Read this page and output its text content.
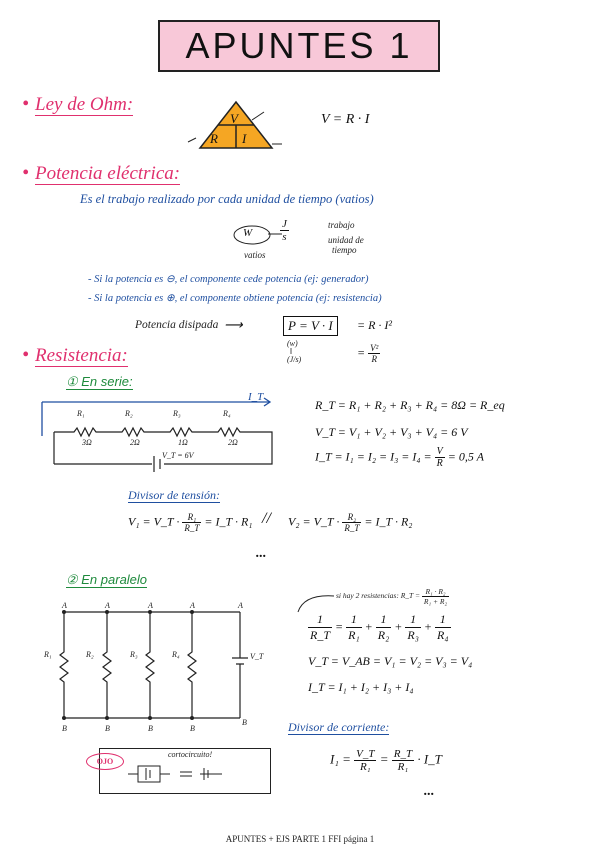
APUNTES 1
• Ley de Ohm:
V
R I
V = R · I
• Potencia eléctrica:
Es el trabajo realizado por cada unidad de tiempo (vatios)
W	$\frac{J}{s}$	trabajo
unidad de
tiempo
vatios
- Si la potencia es ⊖, el componente cede potencia (ej: generador)
- Si la potencia es ⊕, el componente obtiene potencia (ej: resistencia)
Potencia disipada ⟶	P = V · I	= R · I²
(w)
‖
(J/s)
= $\frac{\text{V²}}{R}$
• Resistencia:
① En serie:
I_T
R₁	R₂	R₃	R₄
3Ω	2Ω	1Ω	2Ω
V_T = 6V
R_T = R₁ + R₂ + R₃ + R₄ = 8Ω = R_eq
V_T = V₁ + V₂ + V₃ + V₄ = 6 V
I_T = $I_1 = I_2 = I_3 = I_4 = \frac{V}{R} = 0,5$ A
Divisor de tensión:
V₁ = V_T · $\frac{\text{R₁}}{R\_T}$ = I_T · R₁ // V₂ = V_T · $\frac{\text{R₂}}{R\_T}$ = I_T · R₂
...
② En paralelo
A	A	A	A	A
B	B	B	B
B
R₁	R₂	R₃	R₄	V_T
si hay 2 resistencias: R_T = $\frac{\text{R₁ · R₂}}{\text{R₁ + R₂}}$
$\frac{1}{R\_T} = \frac{1}{\text{R₁}} + \frac{1}{\text{R₂}} + \frac{1}{\text{R₃}} + \frac{1}{\text{R₄}}$
V_T = V_AB = V₁ = V₂ = V₃ = V₄
I_T = I₁ + I₂ + I₃ + I₄
OJO
cortocircuito!
Divisor de corriente:
$I_1 = \frac{V\_T}{\text{R₁}} = \frac{R\_T}{\text{R₁}}$ · I_T
...
APUNTES + EJS PARTE 1 FFI página 1
